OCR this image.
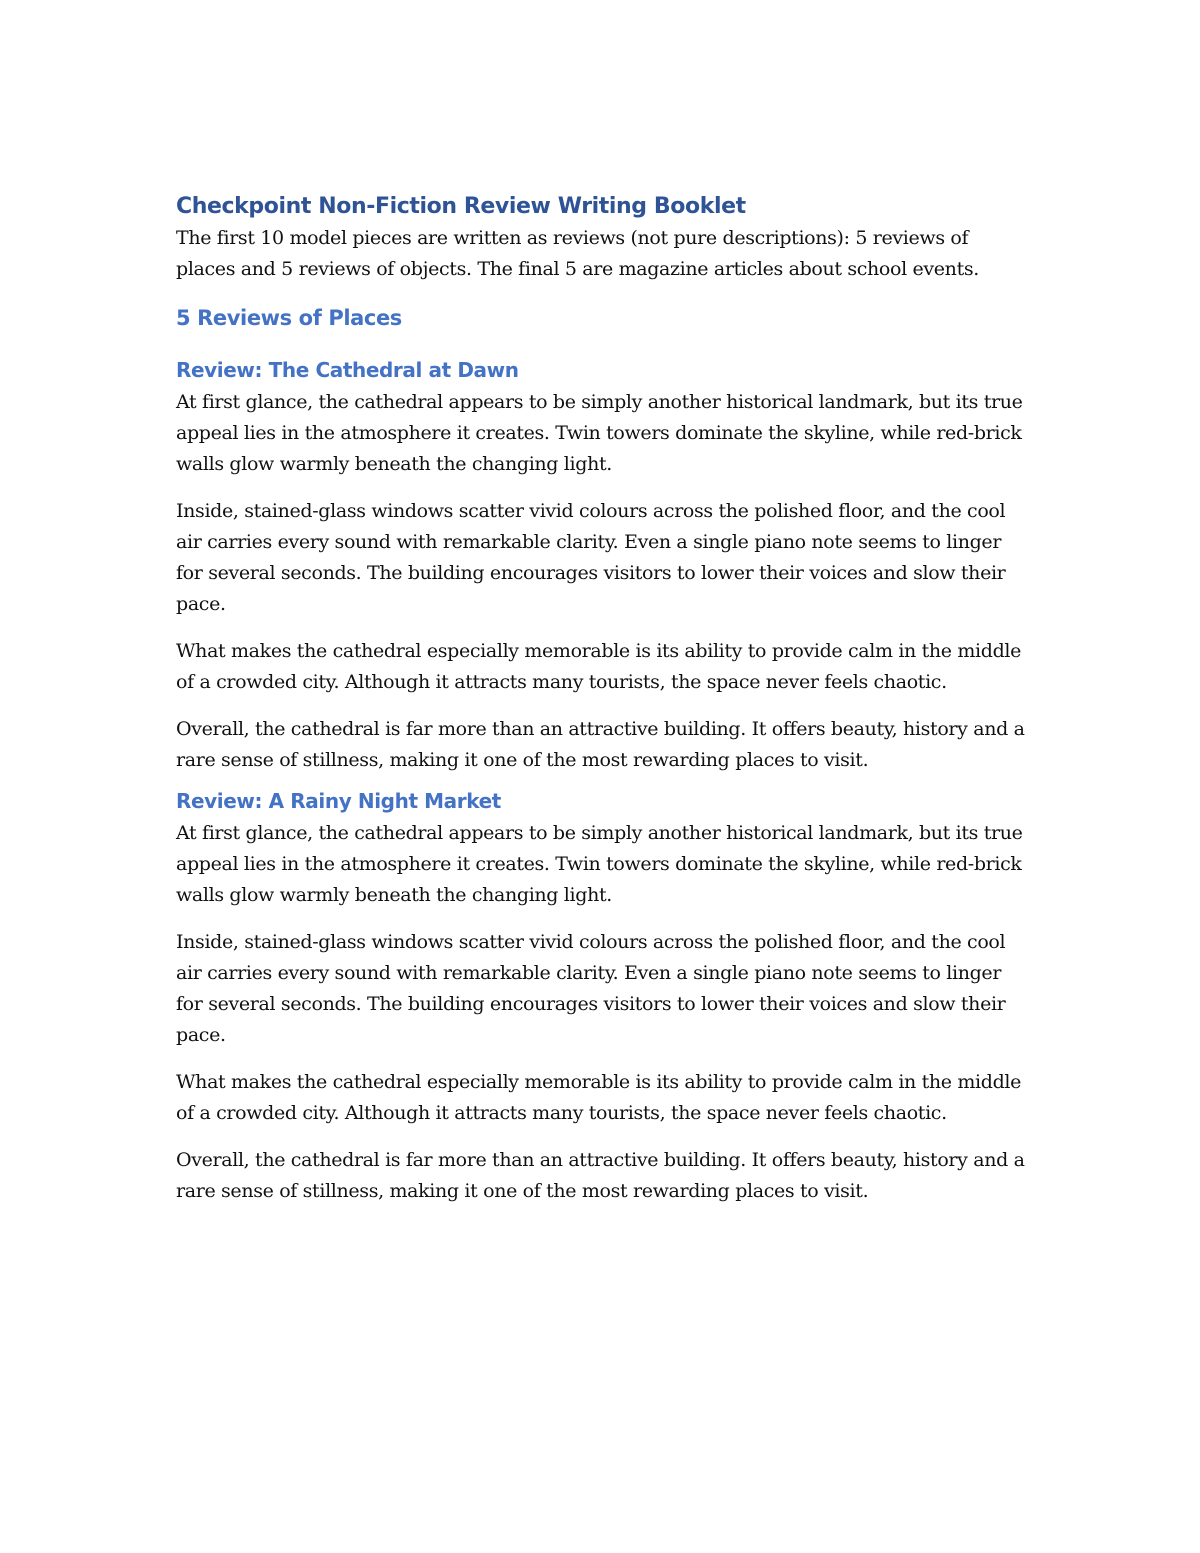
Checkpoint Non-Fiction Review Writing Booklet

The first 10 model pieces are written as reviews (not pure descriptions): 5 reviews of places and 5 reviews of objects. The final 5 are magazine articles about school events.

5 Reviews of Places
Review: The Cathedral at Dawn

At first glance, the cathedral appears to be simply another historical landmark, but its true appeal lies in the atmosphere it creates. Twin towers dominate the skyline, while red-brick walls glow warmly beneath the changing light.

Inside, stained-glass windows scatter vivid colours across the polished floor, and the cool air carries every sound with remarkable clarity. Even a single piano note seems to linger for several seconds. The building encourages visitors to lower their voices and slow their pace.

What makes the cathedral especially memorable is its ability to provide calm in the middle of a crowded city. Although it attracts many tourists, the space never feels chaotic.

Overall, the cathedral is far more than an attractive building. It offers beauty, history and a rare sense of stillness, making it one of the most rewarding places to visit.

Review: A Rainy Night Market

At first glance, the cathedral appears to be simply another historical landmark, but its true appeal lies in the atmosphere it creates. Twin towers dominate the skyline, while red-brick walls glow warmly beneath the changing light.

Inside, stained-glass windows scatter vivid colours across the polished floor, and the cool air carries every sound with remarkable clarity. Even a single piano note seems to linger for several seconds. The building encourages visitors to lower their voices and slow their pace.

What makes the cathedral especially memorable is its ability to provide calm in the middle of a crowded city. Although it attracts many tourists, the space never feels chaotic.

Overall, the cathedral is far more than an attractive building. It offers beauty, history and a rare sense of stillness, making it one of the most rewarding places to visit.
